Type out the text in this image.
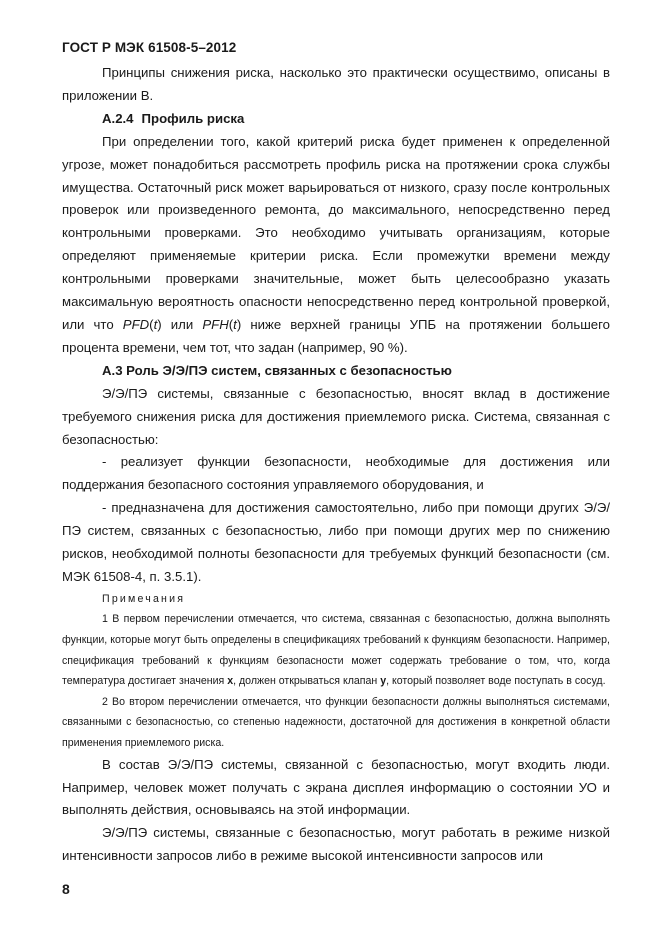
ГОСТ Р МЭК 61508-5–2012

Принципы снижения риска, насколько это практически осуществимо, описаны в приложении В.

А.2.4 Профиль риска

При определении того, какой критерий риска будет применен к определенной угрозе, может понадобиться рассмотреть профиль риска на протяжении срока службы имущества. Остаточный риск может варьироваться от низкого, сразу после контрольных проверок или произведенного ремонта, до максимального, непосредственно перед контрольными проверками. Это необходимо учитывать организациям, которые определяют применяемые критерии риска. Если промежутки времени между контрольными проверками значительные, может быть целесообразно указать максимальную вероятность опасности непосредственно перед контрольной проверкой, или что PFD(t) или PFH(t) ниже верхней границы УПБ на протяжении большего процента времени, чем тот, что задан (например, 90 %).

А.3 Роль Э/Э/ПЭ систем, связанных с безопасностью

Э/Э/ПЭ системы, связанные с безопасностью, вносят вклад в достижение требуемого снижения риска для достижения приемлемого риска. Система, связанная с безопасностью:

- реализует функции безопасности, необходимые для достижения или поддержания безопасного состояния управляемого оборудования, и

- предназначена для достижения самостоятельно, либо при помощи других Э/Э/ПЭ систем, связанных с безопасностью, либо при помощи других мер по снижению рисков, необходимой полноты безопасности для требуемых функций безопасности (см. МЭК 61508-4, п. 3.5.1).

Примечания

1 В первом перечислении отмечается, что система, связанная с безопасностью, должна выполнять функции, которые могут быть определены в спецификациях требований к функциям безопасности. Например, спецификация требований к функциям безопасности может содержать требование о том, что, когда температура достигает значения х, должен открываться клапан у, который позволяет воде поступать в сосуд.

2 Во втором перечислении отмечается, что функции безопасности должны выполняться системами, связанными с безопасностью, со степенью надежности, достаточной для достижения в конкретной области применения приемлемого риска.

В состав Э/Э/ПЭ системы, связанной с безопасностью, могут входить люди. Например, человек может получать с экрана дисплея информацию о состоянии УО и выполнять действия, основываясь на этой информации.

Э/Э/ПЭ системы, связанные с безопасностью, могут работать в режиме низкой интенсивности запросов либо в режиме высокой интенсивности запросов или

8
